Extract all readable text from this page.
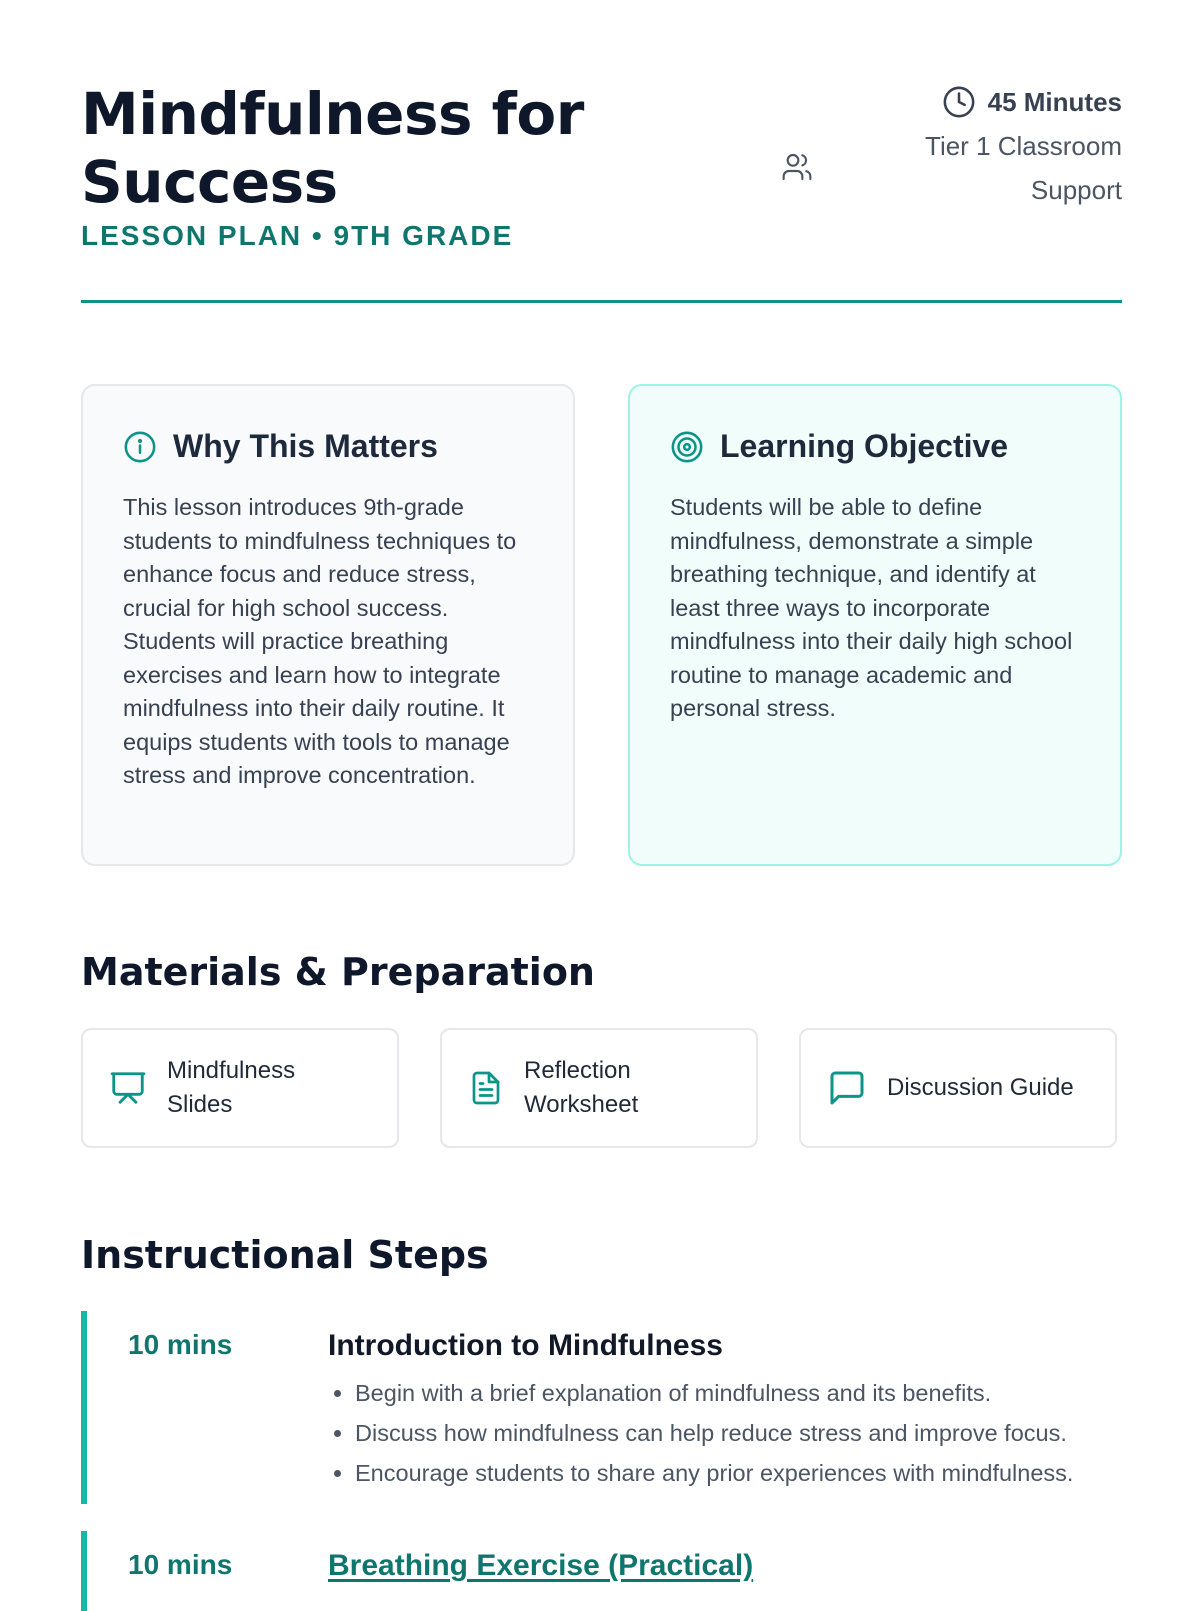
Mindfulness for Success
LESSON PLAN • 9TH GRADE
45 Minutes
Tier 1 Classroom Support
Why This Matters

This lesson introduces 9th-grade students to mindfulness techniques to enhance focus and reduce stress, crucial for high school success. Students will practice breathing exercises and learn how to integrate mindfulness into their daily routine. It equips students with tools to manage stress and improve concentration.

Learning Objective

Students will be able to define mindfulness, demonstrate a simple breathing technique, and identify at least three ways to incorporate mindfulness into their daily high school routine to manage academic and personal stress.

Materials & Preparation
Mindfulness Slides
Reflection Worksheet
Discussion Guide
Instructional Steps
10 mins	Introduction to Mindfulness
• Begin with a brief explanation of mindfulness and its benefits.
• Discuss how mindfulness can help reduce stress and improve focus.
• Encourage students to share any prior experiences with mindfulness.
10 mins	Breathing Exercise (Practical)
